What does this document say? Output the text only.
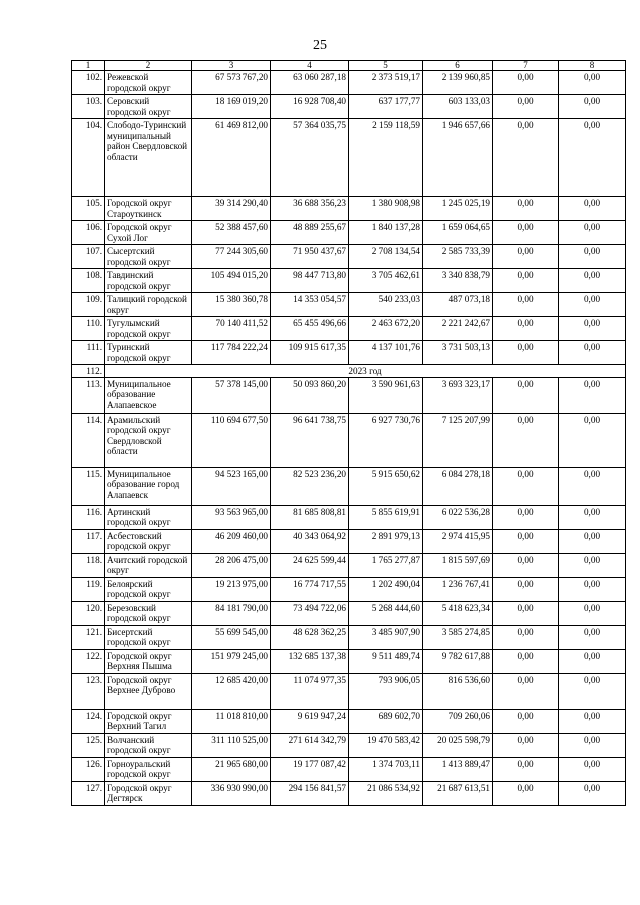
25
1	2	3	4	5	6	7	8
102.	Режевской городской округ	67 573 767,20	63 060 287,18	2 373 519,17	2 139 960,85	0,00	0,00
103.	Серовский городской округ	18 169 019,20	16 928 708,40	637 177,77	603 133,03	0,00	0,00
104.	Слободо-Туринский муниципальный район Свердловской области	61 469 812,00	57 364 035,75	2 159 118,59	1 946 657,66	0,00	0,00
105.	Городской округ Староуткинск	39 314 290,40	36 688 356,23	1 380 908,98	1 245 025,19	0,00	0,00
106.	Городской округ Сухой Лог	52 388 457,60	48 889 255,67	1 840 137,28	1 659 064,65	0,00	0,00
107.	Сысертский городской округ	77 244 305,60	71 950 437,67	2 708 134,54	2 585 733,39	0,00	0,00
108.	Тавдинский городской округ	105 494 015,20	98 447 713,80	3 705 462,61	3 340 838,79	0,00	0,00
109.	Талицкий городской округ	15 380 360,78	14 353 054,57	540 233,03	487 073,18	0,00	0,00
110.	Тугулымский городской округ	70 140 411,52	65 455 496,66	2 463 672,20	2 221 242,67	0,00	0,00
111.	Туринский городской округ	117 784 222,24	109 915 617,35	4 137 101,76	3 731 503,13	0,00	0,00
112.	2023 год						
113.	Муниципальное образование Алапаевское	57 378 145,00	50 093 860,20	3 590 961,63	3 693 323,17	0,00	0,00
114.	Арамильский городской округ Свердловской области	110 694 677,50	96 641 738,75	6 927 730,76	7 125 207,99	0,00	0,00
115.	Муниципальное образование город Алапаевск	94 523 165,00	82 523 236,20	5 915 650,62	6 084 278,18	0,00	0,00
116.	Артинский городской округ	93 563 965,00	81 685 808,81	5 855 619,91	6 022 536,28	0,00	0,00
117.	Асбестовский городской округ	46 209 460,00	40 343 064,92	2 891 979,13	2 974 415,95	0,00	0,00
118.	Ачитский городской округ	28 206 475,00	24 625 599,44	1 765 277,87	1 815 597,69	0,00	0,00
119.	Белоярский городской округ	19 213 975,00	16 774 717,55	1 202 490,04	1 236 767,41	0,00	0,00
120.	Березовский городской округ	84 181 790,00	73 494 722,06	5 268 444,60	5 418 623,34	0,00	0,00
121.	Бисертский городской округ	55 699 545,00	48 628 362,25	3 485 907,90	3 585 274,85	0,00	0,00
122.	Городской округ Верхняя Пышма	151 979 245,00	132 685 137,38	9 511 489,74	9 782 617,88	0,00	0,00
123.	Городской округ Верхнее Дуброво	12 685 420,00	11 074 977,35	793 906,05	816 536,60	0,00	0,00
124.	Городской округ Верхний Тагил	11 018 810,00	9 619 947,24	689 602,70	709 260,06	0,00	0,00
125.	Волчанский городской округ	311 110 525,00	271 614 342,79	19 470 583,42	20 025 598,79	0,00	0,00
126.	Горноуральский городской округ	21 965 680,00	19 177 087,42	1 374 703,11	1 413 889,47	0,00	0,00
127.	Городской округ Дегтярск	336 930 990,00	294 156 841,57	21 086 534,92	21 687 613,51	0,00	0,00
